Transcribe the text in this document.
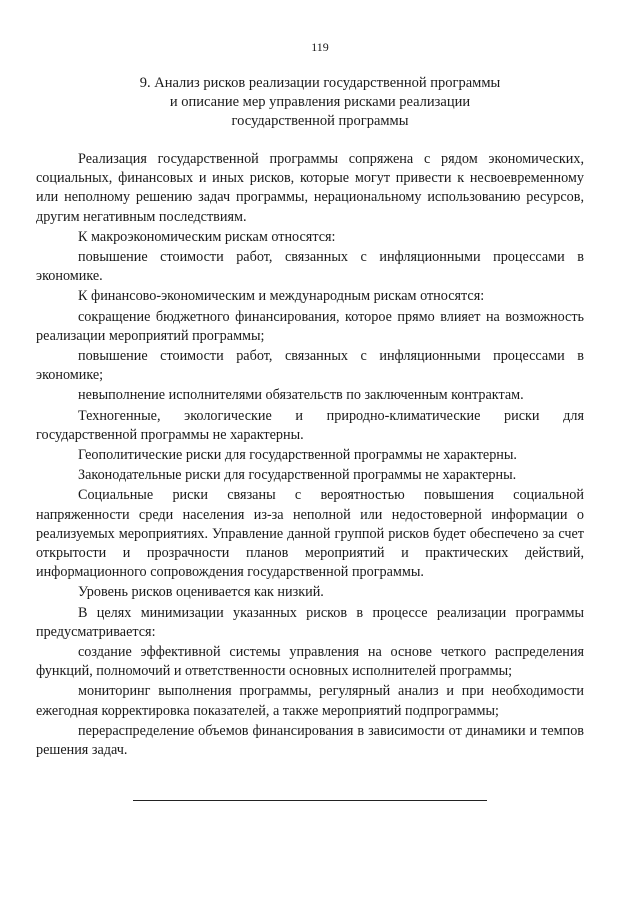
119
9. Анализ рисков реализации государственной программы
и описание мер управления рисками реализации
государственной программы

Реализация государственной программы сопряжена с рядом экономических, социальных, финансовых и иных рисков, которые могут привести к несвоевременному или неполному решению задач программы, нерациональному использованию ресурсов, другим негативным последствиям.

К макроэкономическим рискам относятся:

повышение стоимости работ, связанных с инфляционными процессами в экономике.

К финансово-экономическим и международным рискам относятся:

сокращение бюджетного финансирования, которое прямо влияет на возможность реализации мероприятий программы;

повышение стоимости работ, связанных с инфляционными процессами в экономике;

невыполнение исполнителями обязательств по заключенным контрактам.

Техногенные, экологические и природно-климатические риски для государственной программы не характерны.

Геополитические риски для государственной программы не характерны.

Законодательные риски для государственной программы не характерны.

Социальные риски связаны с вероятностью повышения социальной напряженности среди населения из-за неполной или недостоверной информации о реализуемых мероприятиях. Управление данной группой рисков будет обеспечено за счет открытости и прозрачности планов мероприятий и практических действий, информационного сопровождения государственной программы.

Уровень рисков оценивается как низкий.

В целях минимизации указанных рисков в процессе реализации программы предусматривается:

создание эффективной системы управления на основе четкого распределения функций, полномочий и ответственности основных исполнителей программы;

мониторинг выполнения программы, регулярный анализ и при необходимости ежегодная корректировка показателей, а также мероприятий подпрограммы;

перераспределение объемов финансирования в зависимости от динамики и темпов решения задач.
